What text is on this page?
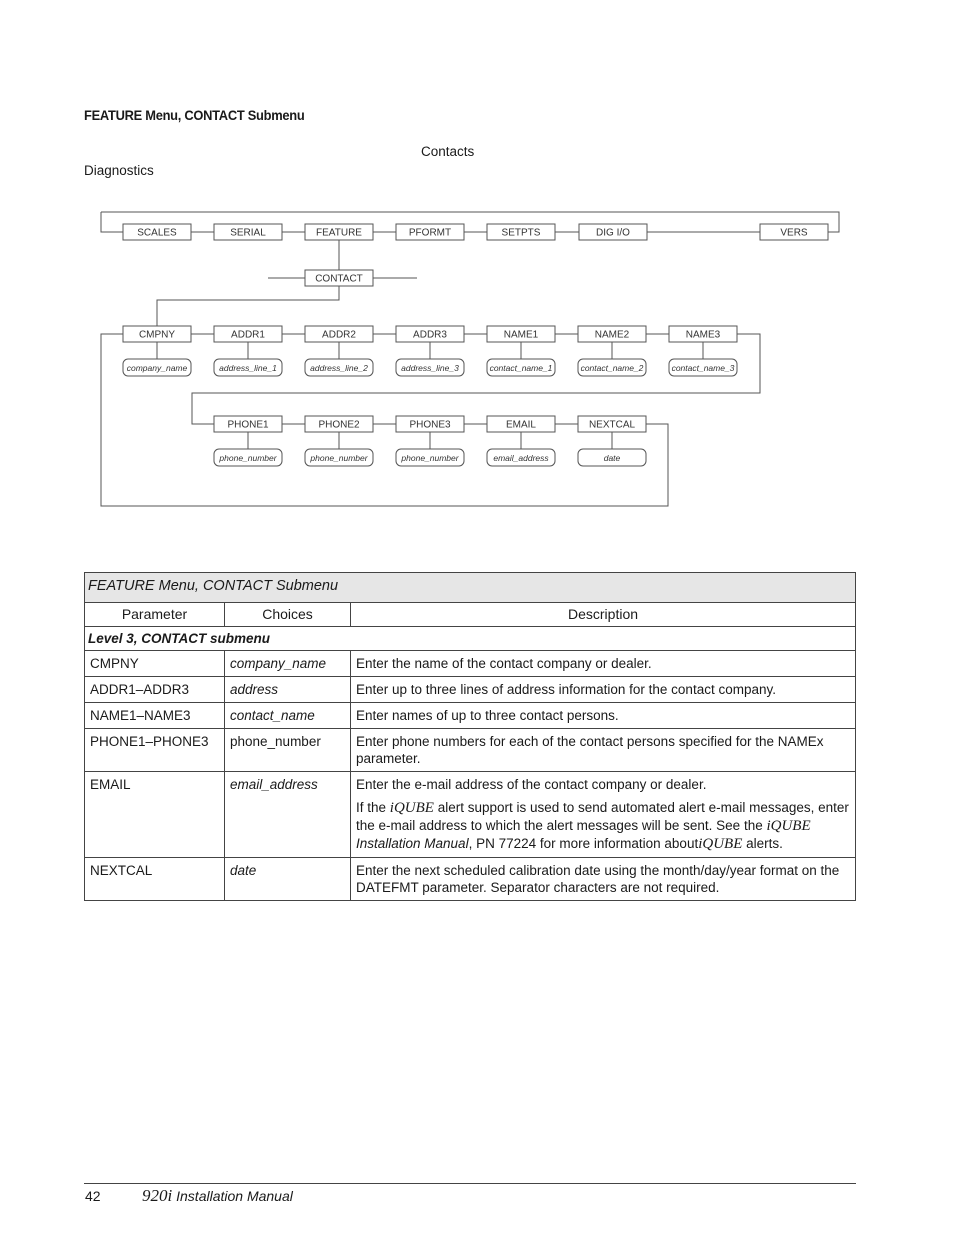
FEATURE Menu, CONTACT Submenu
Contacts
Diagnostics
SCALES	SERIAL	FEATURE	PFORMT	SETPTS	DIG I/O	VERS
CONTACT
CMPNY
company_name
ADDR1
address_line_1
ADDR2
address_line_2
ADDR3
address_line_3
NAME1
contact_name_1
NAME2
contact_name_2
NAME3
contact_name_3
PHONE1
phone_number
PHONE2
phone_number
PHONE3
phone_number
EMAIL
email_address
NEXTCAL
date
FEATURE Menu, CONTACT Submenu		
Parameter	Choices	Description
Level 3, CONTACT submenu		
CMPNY	company_name	Enter the name of the contact company or dealer.
ADDR1–ADDR3	address	Enter up to three lines of address information for the contact company.
NAME1–NAME3	contact_name	Enter names of up to three contact persons.
PHONE1–PHONE3	phone_number	Enter phone numbers for each of the contact persons specified for the NAMEx parameter.
EMAIL	email_address	Enter the e-mail address of the contact company or dealer.

If the iQUBE alert support is used to send automated alert e-mail messages, enter the e-mail address to which the alert messages will be sent. See the iQUBE Installation Manual, PN 77224 for more information aboutiQUBE alerts.

NEXTCAL	date	Enter the next scheduled calibration date using the month/day/year format on the DATEFMT parameter. Separator characters are not required.
42 920i Installation Manual
